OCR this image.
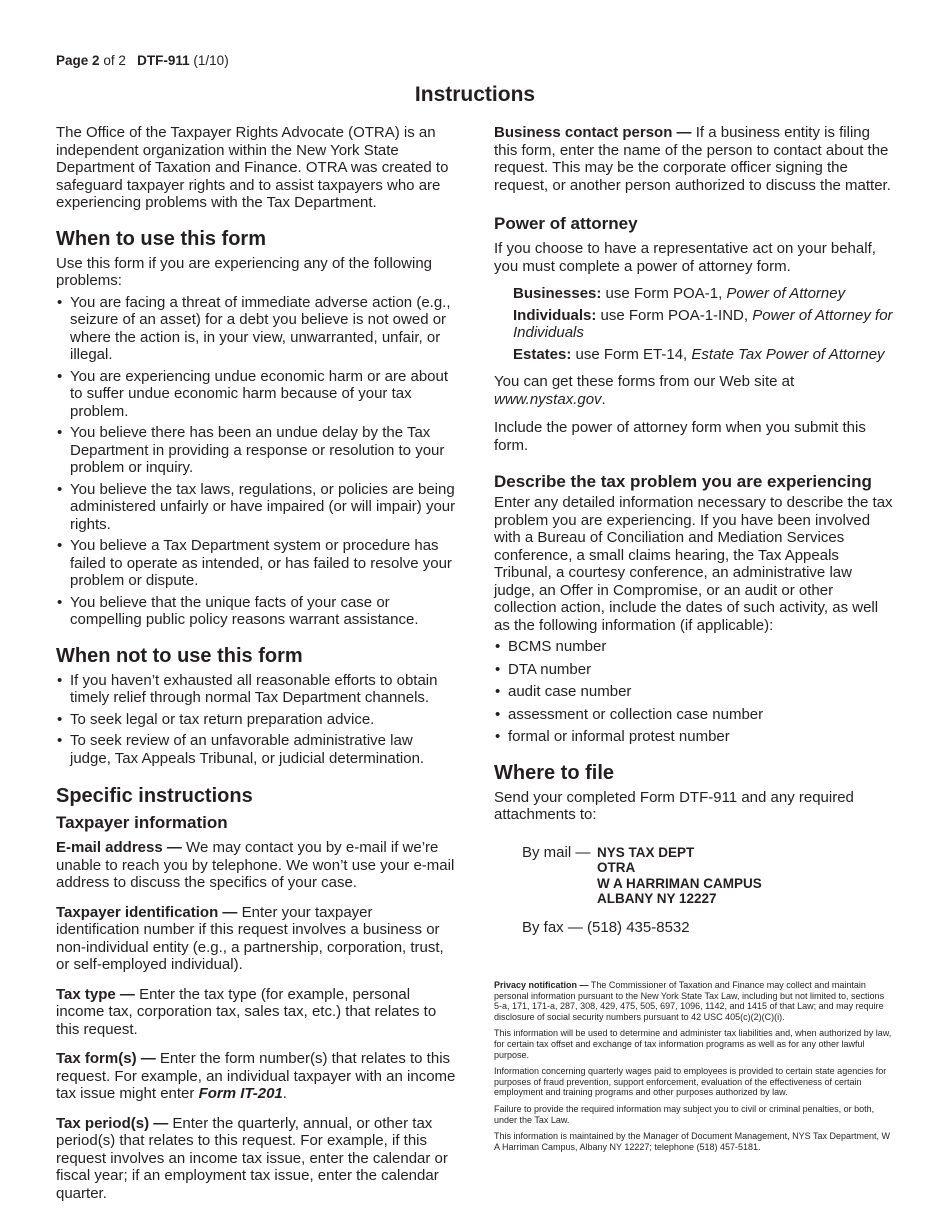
Page 2 of 2 DTF-911 (1/10)
Instructions

The Office of the Taxpayer Rights Advocate (OTRA) is an independent organization within the New York State Department of Taxation and Finance. OTRA was created to safeguard taxpayer rights and to assist taxpayers who are experiencing problems with the Tax Department.

When to use this form

Use this form if you are experiencing any of the following problems:

• You are facing a threat of immediate adverse action (e.g., seizure of an asset) for a debt you believe is not owed or where the action is, in your view, unwarranted, unfair, or illegal.
• You are experiencing undue economic harm or are about to suffer undue economic harm because of your tax problem.
• You believe there has been an undue delay by the Tax Department in providing a response or resolution to your problem or inquiry.
• You believe the tax laws, regulations, or policies are being administered unfairly or have impaired (or will impair) your rights.
• You believe a Tax Department system or procedure has failed to operate as intended, or has failed to resolve your problem or dispute.
• You believe that the unique facts of your case or compelling public policy reasons warrant assistance.
When not to use this form
• If you haven’t exhausted all reasonable efforts to obtain timely relief through normal Tax Department channels.
• To seek legal or tax return preparation advice.
• To seek review of an unfavorable administrative law judge, Tax Appeals Tribunal, or judicial determination.
Specific instructions
Taxpayer information

E-mail address — We may contact you by e-mail if we’re unable to reach you by telephone. We won’t use your e-mail address to discuss the specifics of your case.

Taxpayer identification — Enter your taxpayer identification number if this request involves a business or non-individual entity (e.g., a partnership, corporation, trust, or self-employed individual).

Tax type — Enter the tax type (for example, personal income tax, corporation tax, sales tax, etc.) that relates to this request.

Tax form(s) — Enter the form number(s) that relates to this request. For example, an individual taxpayer with an income tax issue might enter Form IT-201.

Tax period(s) — Enter the quarterly, annual, or other tax period(s) that relates to this request. For example, if this request involves an income tax issue, enter the calendar or fiscal year; if an employment tax issue, enter the calendar quarter.

Business contact person — If a business entity is filing this form, enter the name of the person to contact about the request. This may be the corporate officer signing the request, or another person authorized to discuss the matter.

Power of attorney

If you choose to have a representative act on your behalf, you must complete a power of attorney form.

Businesses: use Form POA-1, Power of Attorney

Individuals: use Form POA-1-IND, Power of Attorney for Individuals

Estates: use Form ET-14, Estate Tax Power of Attorney

You can get these forms from our Web site at www.nystax.gov.

Include the power of attorney form when you submit this form.

Describe the tax problem you are experiencing

Enter any detailed information necessary to describe the tax problem you are experiencing. If you have been involved with a Bureau of Conciliation and Mediation Services conference, a small claims hearing, the Tax Appeals Tribunal, a courtesy conference, an administrative law judge, an Offer in Compromise, or an audit or other collection action, include the dates of such activity, as well as the following information (if applicable):

• BCMS number
• DTA number
• audit case number
• assessment or collection case number
• formal or informal protest number
Where to file

Send your completed Form DTF-911 and any required attachments to:

By mail — NYS TAX DEPT
OTRA
W A HARRIMAN CAMPUS
ALBANY NY 12227
By fax — (518) 435-8532

Privacy notification — The Commissioner of Taxation and Finance may collect and maintain personal information pursuant to the New York State Tax Law, including but not limited to, sections 5-a, 171, 171-a, 287, 308, 429, 475, 505, 697, 1096, 1142, and 1415 of that Law; and may require disclosure of social security numbers pursuant to 42 USC 405(c)(2)(C)(i).

This information will be used to determine and administer tax liabilities and, when authorized by law, for certain tax offset and exchange of tax information programs as well as for any other lawful purpose.

Information concerning quarterly wages paid to employees is provided to certain state agencies for purposes of fraud prevention, support enforcement, evaluation of the effectiveness of certain employment and training programs and other purposes authorized by law.

Failure to provide the required information may subject you to civil or criminal penalties, or both, under the Tax Law.

This information is maintained by the Manager of Document Management, NYS Tax Department, W A Harriman Campus, Albany NY 12227; telephone (518) 457-5181.
